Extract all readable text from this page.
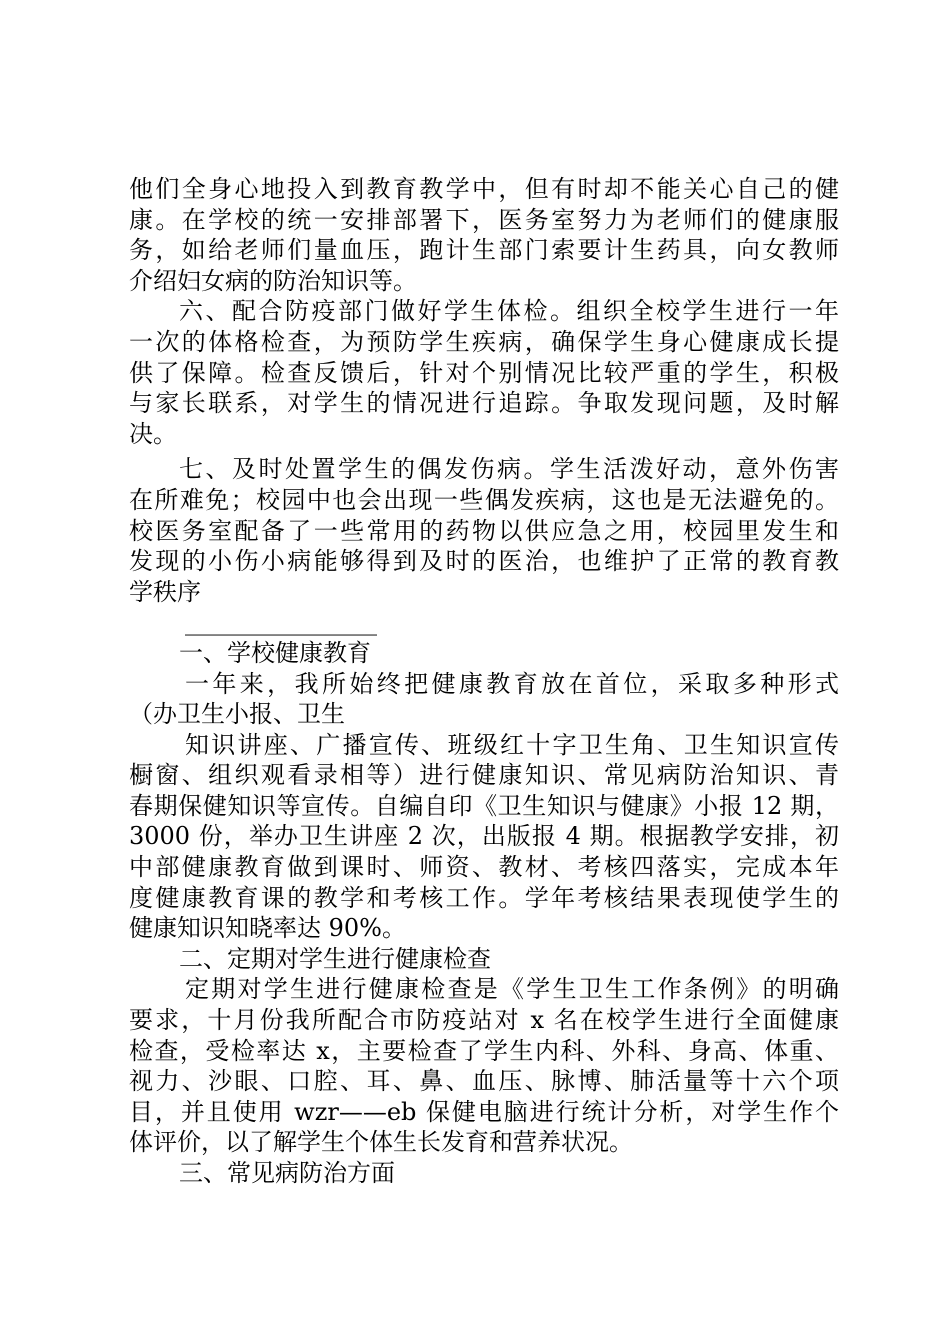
他们全身心地投入到教育教学中，但有时却不能关心自己的健
康。在学校的统一安排部署下，医务室努力为老师们的健康服
务，如给老师们量血压，跑计生部门索要计生药具，向女教师
介绍妇女病的防治知识等。
六、配合防疫部门做好学生体检。组织全校学生进行一年
一次的体格检查，为预防学生疾病，确保学生身心健康成长提
供了保障。检查反馈后，针对个别情况比较严重的学生，积极
与家长联系，对学生的情况进行追踪。争取发现问题，及时解
决。
七、及时处置学生的偶发伤病。学生活泼好动，意外伤害
在所难免；校园中也会出现一些偶发疾病，这也是无法避免的。
校医务室配备了一些常用的药物以供应急之用，校园里发生和
发现的小伤小病能够得到及时的医治，也维护了正常的教育教
学秩序
________________
一、学校健康教育
一年来，我所始终把健康教育放在首位，采取多种形式
（办卫生小报、卫生
知识讲座、广播宣传、班级红十字卫生角、卫生知识宣传
橱窗、组织观看录相等）进行健康知识、常见病防治知识、青
春期保健知识等宣传。自编自印《卫生知识与健康》小报 12 期，
3000 份，举办卫生讲座 2 次，出版报 4 期。根据教学安排，初
中部健康教育做到课时、师资、教材、考核四落实，完成本年
度健康教育课的教学和考核工作。学年考核结果表现使学生的
健康知识知晓率达 90%。
二、定期对学生进行健康检查
定期对学生进行健康检查是《学生卫生工作条例》的明确
要求，十月份我所配合市防疫站对 x 名在校学生进行全面健康
检查，受检率达 x，主要检查了学生内科、外科、身高、体重、
视力、沙眼、口腔、耳、鼻、血压、脉博、肺活量等十六个项
目，并且使用 wzr——eb 保健电脑进行统计分析，对学生作个
体评价，以了解学生个体生长发育和营养状况。
三、常见病防治方面
